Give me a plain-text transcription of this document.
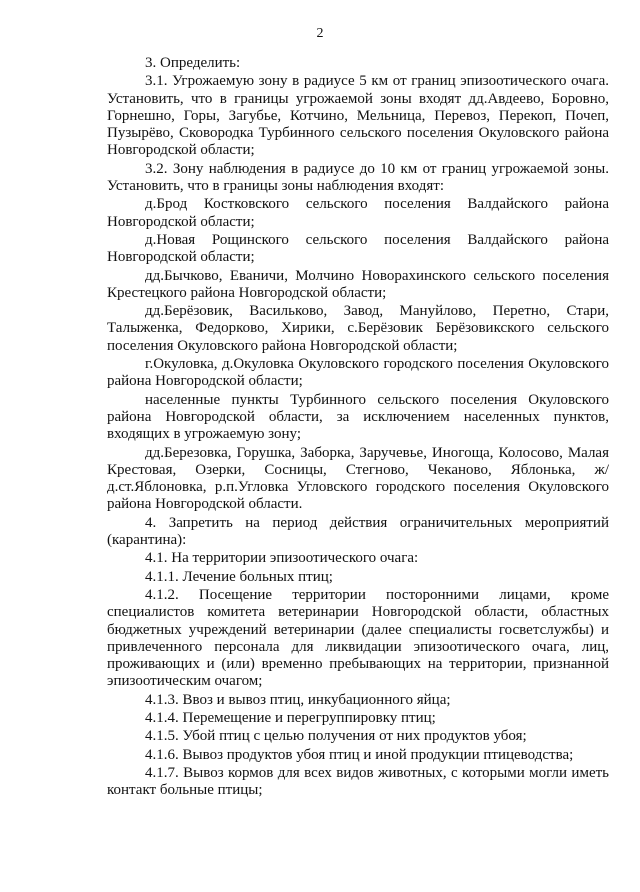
2

3. Определить:

3.1. Угрожаемую зону в радиусе 5 км от границ эпизоотического очага. Установить, что в границы угрожаемой зоны входят дд.Авдеево, Боровно, Горнешно, Горы, Загубье, Котчино, Мельница, Перевоз, Перекоп, Почеп, Пузырёво, Сковородка Турбинного сельского поселения Окуловского района Новгородской области;

3.2. Зону наблюдения в радиусе до 10 км от границ угрожаемой зоны. Установить, что в границы зоны наблюдения входят:

д.Брод Костковского сельского поселения Валдайского района Новгородской области;

д.Новая Рощинского сельского поселения Валдайского района Новгородской области;

дд.Бычково, Еваничи, Молчино Новорахинского сельского поселения Крестецкого района Новгородской области;

дд.Берёзовик, Васильково, Завод, Мануйлово, Перетно, Стари, Талыженка, Федорково, Хирики, с.Берёзовик Берёзовикского сельского поселения Окуловского района Новгородской области;

г.Окуловка, д.Окуловка Окуловского городского поселения Окуловского района Новгородской области;

населенные пункты Турбинного сельского поселения Окуловского района Новгородской области, за исключением населенных пунктов, входящих в угрожаемую зону;

дд.Березовка, Горушка, Заборка, Заручевье, Иногоща, Колосово, Малая Крестовая, Озерки, Сосницы, Стегново, Чеканово, Яблонька, ж/д.ст.Яблоновка, р.п.Угловка Угловского городского поселения Окуловского района Новгородской области.

4. Запретить на период действия ограничительных мероприятий (карантина):

4.1. На территории эпизоотического очага:

4.1.1. Лечение больных птиц;

4.1.2. Посещение территории посторонними лицами, кроме специалистов комитета ветеринарии Новгородской области, областных бюджетных учреждений ветеринарии (далее специалисты госветслужбы) и привлеченного персонала для ликвидации эпизоотического очага, лиц, проживающих и (или) временно пребывающих на территории, признанной эпизоотическим очагом;

4.1.3. Ввоз и вывоз птиц, инкубационного яйца;

4.1.4. Перемещение и перегруппировку птиц;

4.1.5. Убой птиц с целью получения от них продуктов убоя;

4.1.6. Вывоз продуктов убоя птиц и иной продукции птицеводства;

4.1.7. Вывоз кормов для всех видов животных, с которыми могли иметь контакт больные птицы;
